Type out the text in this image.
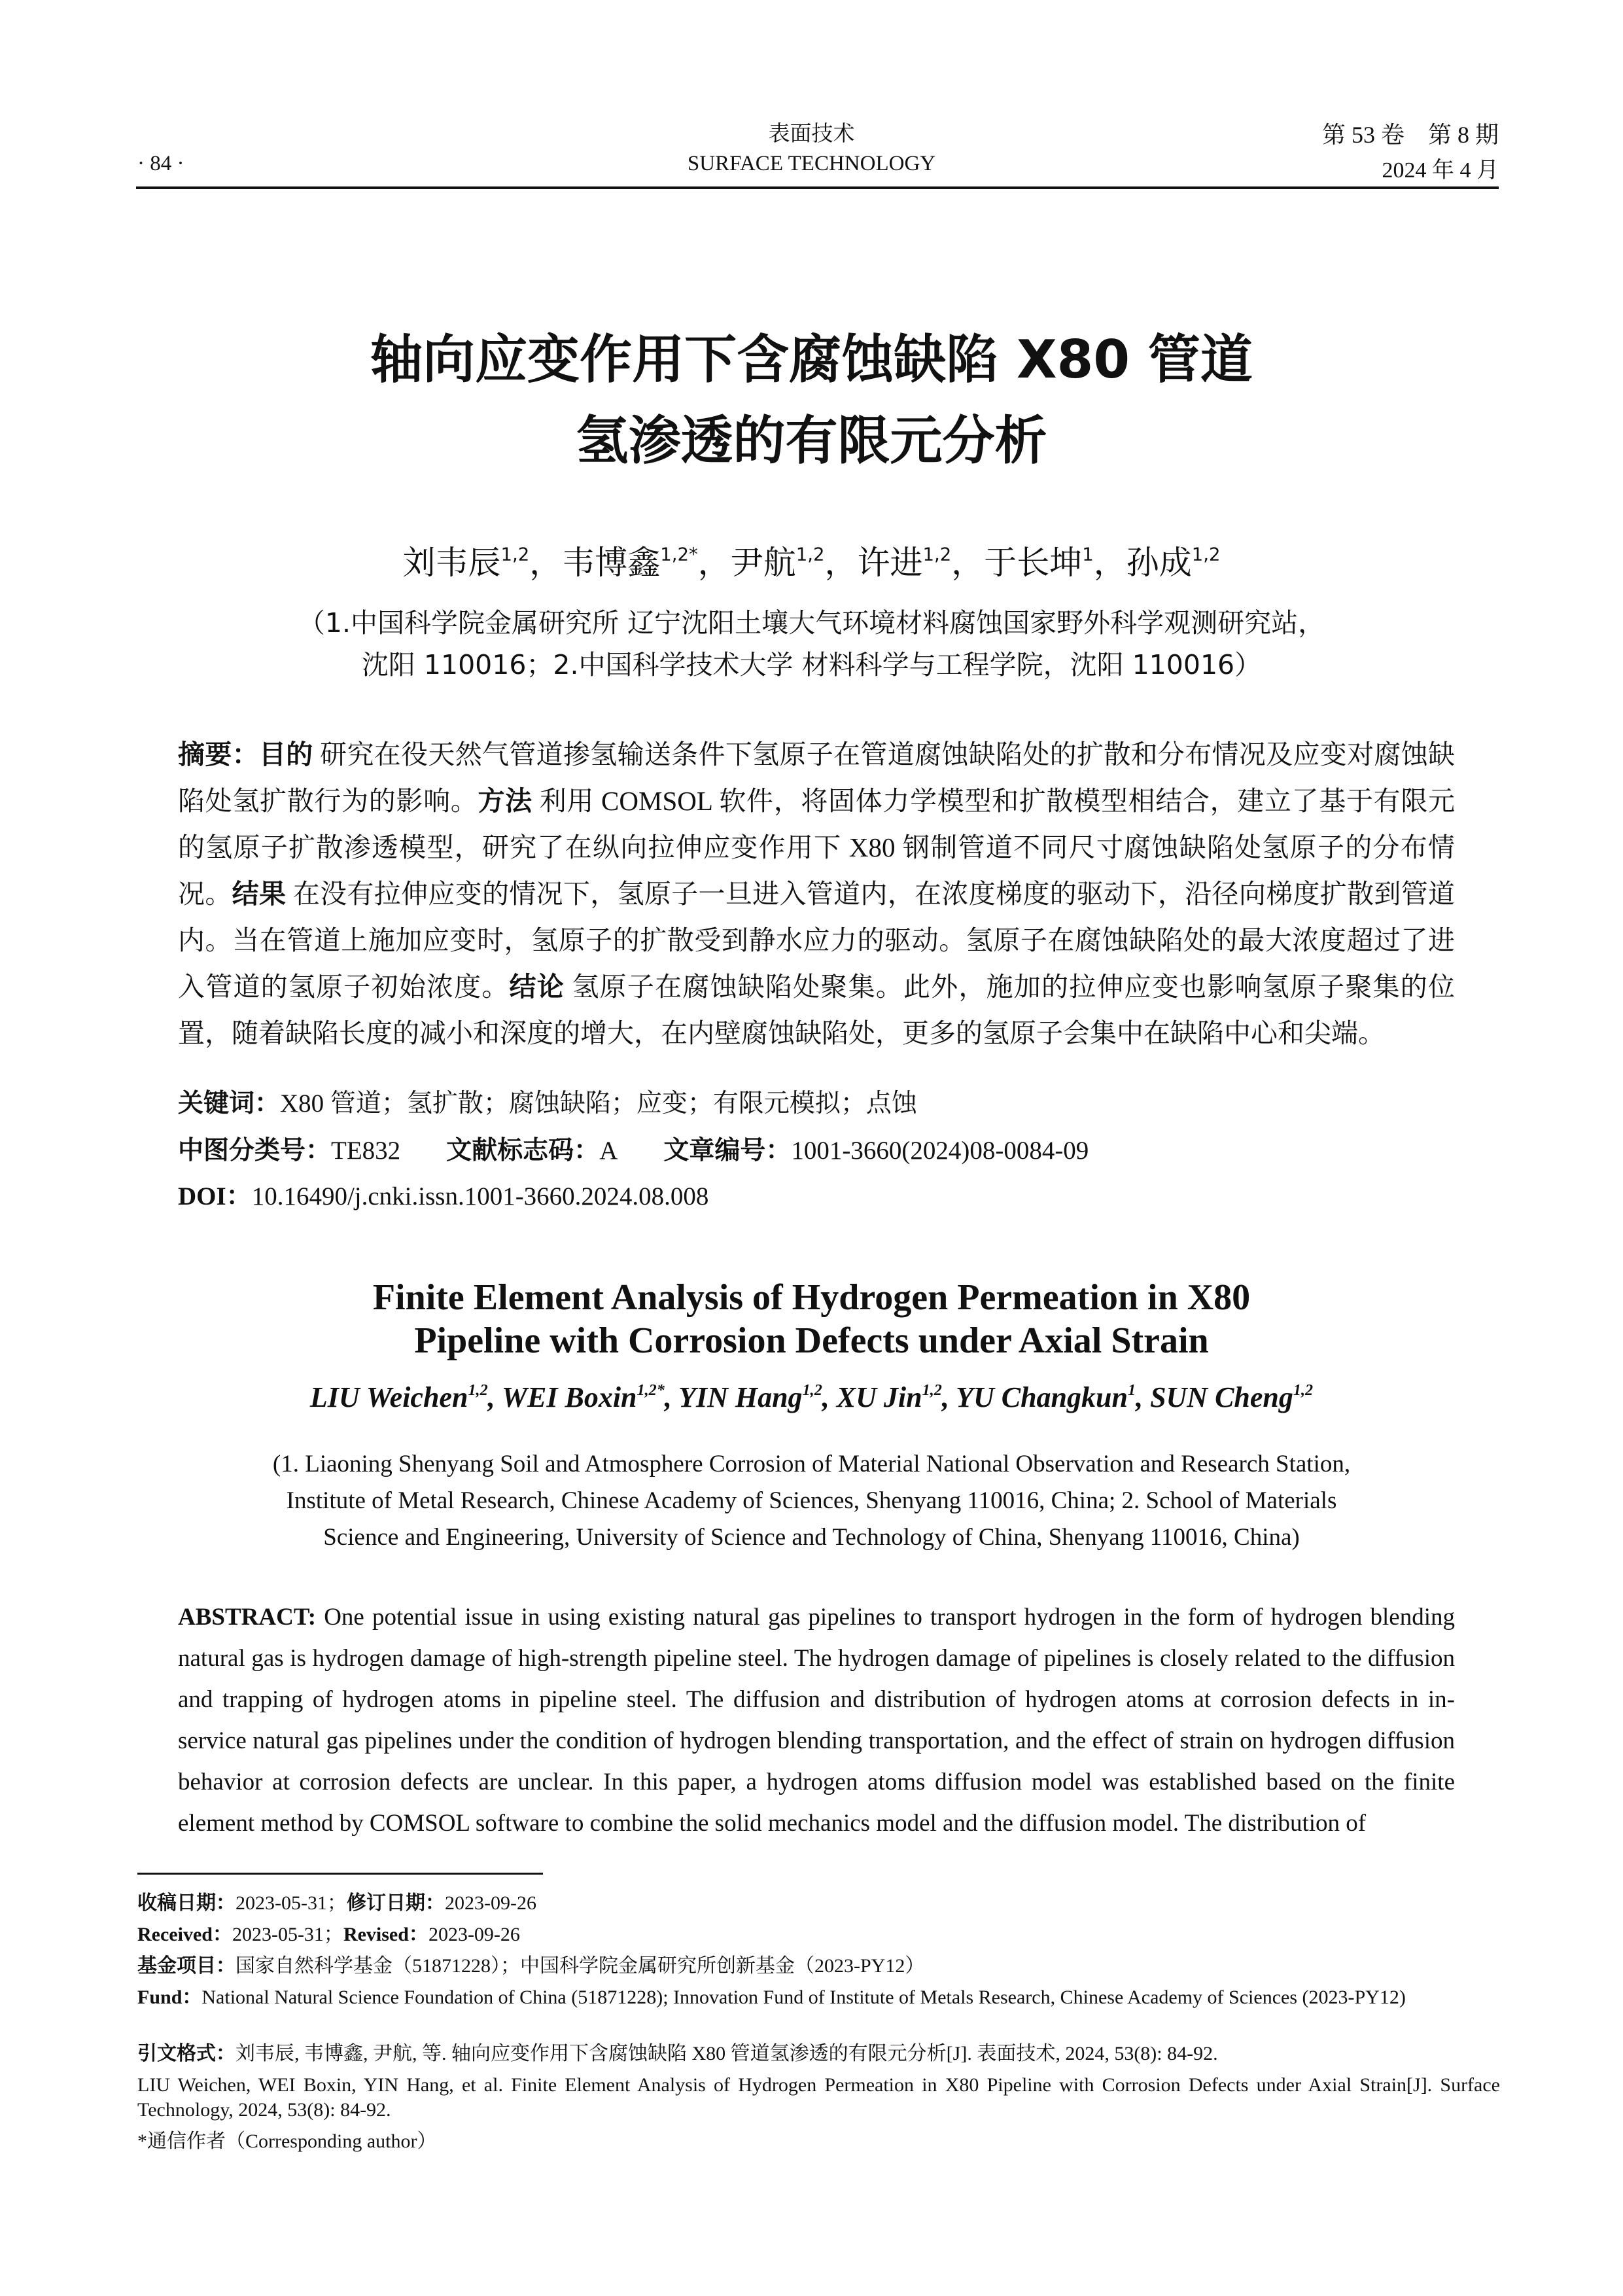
表面技术
SURFACE TECHNOLOGY
· 84 ·
第 53 卷　第 8 期
2024 年 4 月
轴向应变作用下含腐蚀缺陷 X80 管道
氢渗透的有限元分析
刘韦辰$^{1,2}$，韦博鑫$^{1,2*}$，尹航$^{1,2}$，许进$^{1,2}$，于长坤$^1$，孙成$^{1,2}$
（1.中国科学院金属研究所 辽宁沈阳土壤大气环境材料腐蚀国家野外科学观测研究站，
沈阳 110016；2.中国科学技术大学 材料科学与工程学院，沈阳 110016）
摘要：目的 研究在役天然气管道掺氢输送条件下氢原子在管道腐蚀缺陷处的扩散和分布情况及应变对腐蚀缺陷处氢扩散行为的影响。方法 利用 COMSOL 软件，将固体力学模型和扩散模型相结合，建立了基于有限元的氢原子扩散渗透模型，研究了在纵向拉伸应变作用下 X80 钢制管道不同尺寸腐蚀缺陷处氢原子的分布情况。结果 在没有拉伸应变的情况下，氢原子一旦进入管道内，在浓度梯度的驱动下，沿径向梯度扩散到管道内。当在管道上施加应变时，氢原子的扩散受到静水应力的驱动。氢原子在腐蚀缺陷处的最大浓度超过了进入管道的氢原子初始浓度。结论 氢原子在腐蚀缺陷处聚集。此外，施加的拉伸应变也影响氢原子聚集的位置，随着缺陷长度的减小和深度的增大，在内壁腐蚀缺陷处，更多的氢原子会集中在缺陷中心和尖端。
关键词：X80 管道；氢扩散；腐蚀缺陷；应变；有限元模拟；点蚀
中图分类号：TE832 文献标志码：A 文章编号：1001-3660(2024)08-0084-09
DOI：10.16490/j.cnki.issn.1001-3660.2024.08.008
Finite Element Analysis of Hydrogen Permeation in X80
Pipeline with Corrosion Defects under Axial Strain
LIU Weichen$^{1,2}$, WEI Boxin$^{1,2*}$, YIN Hang$^{1,2}$, XU Jin$^{1,2}$, YU Changkun$^1$, SUN Cheng$^{1,2}$
(1. Liaoning Shenyang Soil and Atmosphere Corrosion of Material National Observation and Research Station,
Institute of Metal Research, Chinese Academy of Sciences, Shenyang 110016, China; 2. School of Materials
Science and Engineering, University of Science and Technology of China, Shenyang 110016, China)
ABSTRACT: One potential issue in using existing natural gas pipelines to transport hydrogen in the form of hydrogen blending natural gas is hydrogen damage of high-strength pipeline steel. The hydrogen damage of pipelines is closely related to the diffusion and trapping of hydrogen atoms in pipeline steel. The diffusion and distribution of hydrogen atoms at corrosion defects in in-service natural gas pipelines under the condition of hydrogen blending transportation, and the effect of strain on hydrogen diffusion behavior at corrosion defects are unclear. In this paper, a hydrogen atoms diffusion model was established based on the finite element method by COMSOL software to combine the solid mechanics model and the diffusion model. The distribution of
收稿日期：2023-05-31；修订日期：2023-09-26
Received：2023-05-31；Revised：2023-09-26
基金项目：国家自然科学基金（51871228）；中国科学院金属研究所创新基金（2023-PY12）
Fund：National Natural Science Foundation of China (51871228); Innovation Fund of Institute of Metals Research, Chinese Academy of Sciences (2023-PY12)
引文格式：刘韦辰, 韦博鑫, 尹航, 等. 轴向应变作用下含腐蚀缺陷 X80 管道氢渗透的有限元分析[J]. 表面技术, 2024, 53(8): 84-92.
LIU Weichen, WEI Boxin, YIN Hang, et al. Finite Element Analysis of Hydrogen Permeation in X80 Pipeline with Corrosion Defects under Axial Strain[J]. Surface Technology, 2024, 53(8): 84-92.
*通信作者（Corresponding author）
